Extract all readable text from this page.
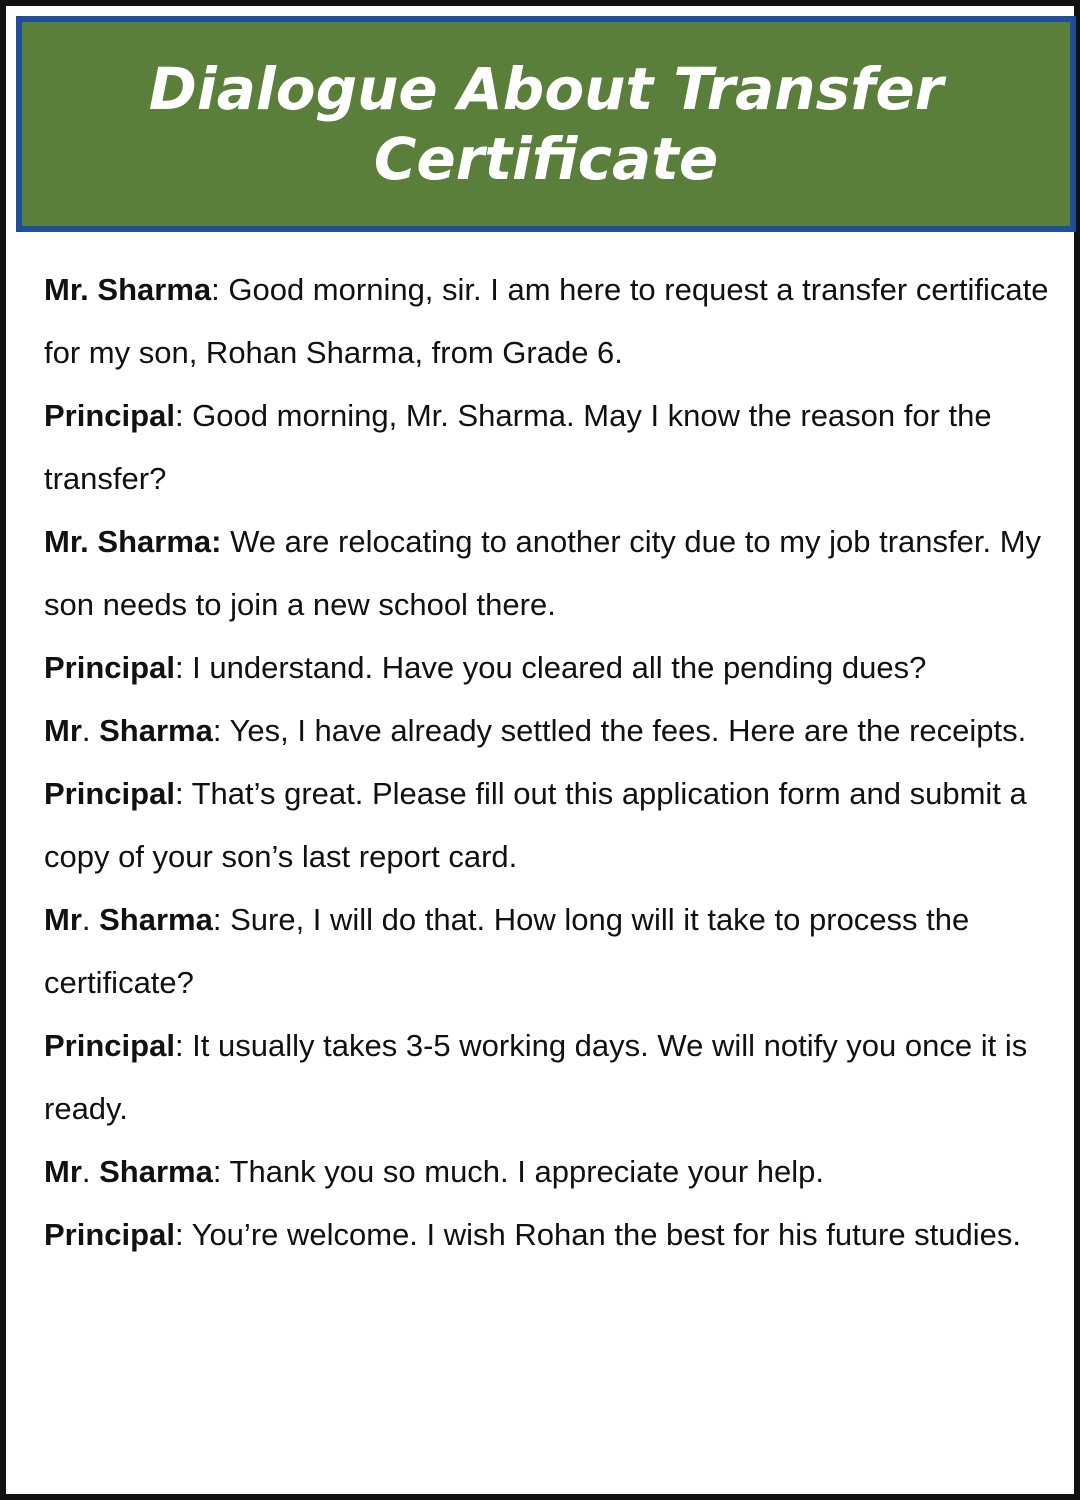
Dialogue About Transfer Certificate

Mr. Sharma: Good morning, sir. I am here to request a transfer certificate for my son, Rohan Sharma, from Grade 6.

Principal: Good morning, Mr. Sharma. May I know the reason for the transfer?

Mr. Sharma: We are relocating to another city due to my job transfer. My son needs to join a new school there.

Principal: I understand. Have you cleared all the pending dues?

Mr. Sharma: Yes, I have already settled the fees. Here are the receipts.

Principal: That’s great. Please fill out this application form and submit a copy of your son’s last report card.

Mr. Sharma: Sure, I will do that. How long will it take to process the certificate?

Principal: It usually takes 3-5 working days. We will notify you once it is ready.

Mr. Sharma: Thank you so much. I appreciate your help.

Principal: You’re welcome. I wish Rohan the best for his future studies.
